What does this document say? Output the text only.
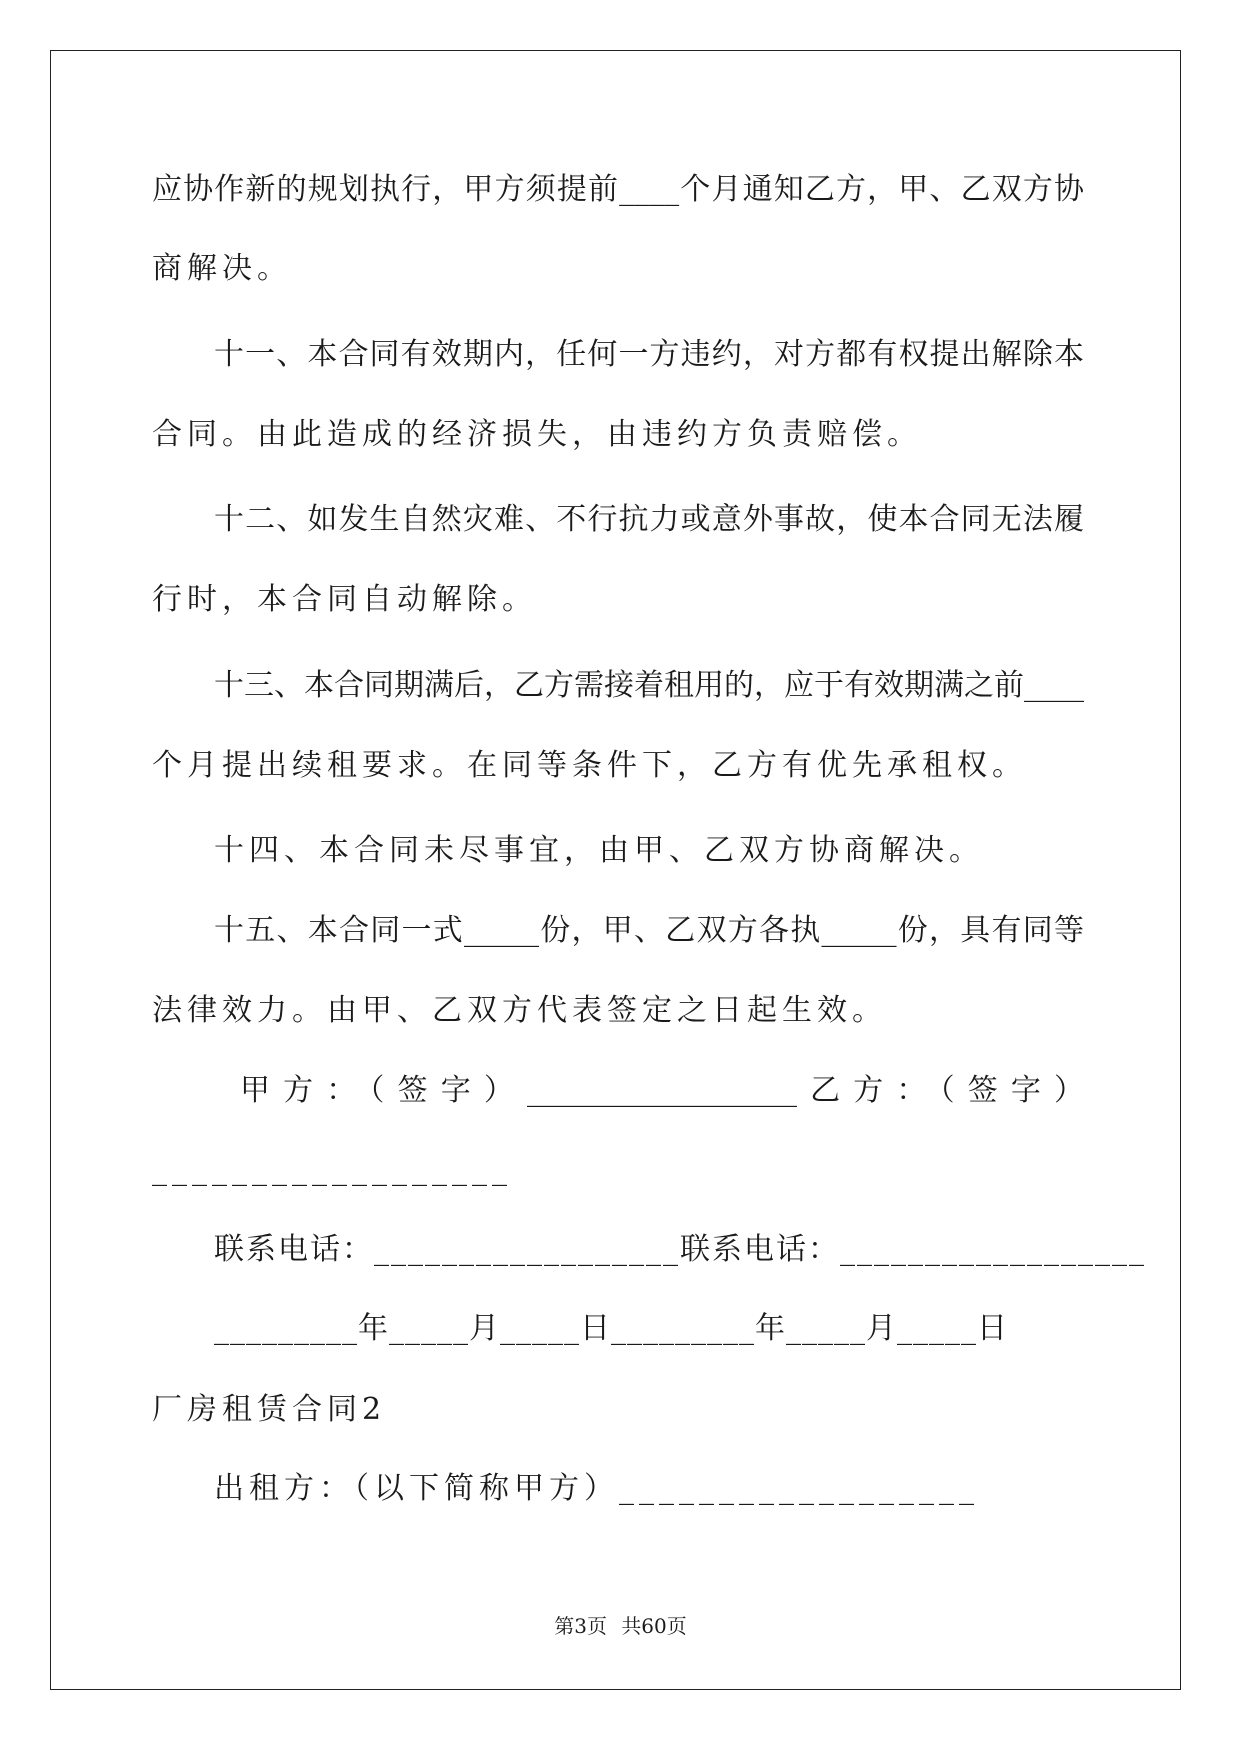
应协作新的规划执行，甲方须提前____个月通知乙方，甲、乙双方协
商解决。
十一、本合同有效期内，任何一方违约，对方都有权提出解除本
合同。由此造成的经济损失，由违约方负责赔偿。
十二、如发生自然灾难、不行抗力或意外事故，使本合同无法履
行时，本合同自动解除。
十三、本合同期满后，乙方需接着租用的，应于有效期满之前____
个月提出续租要求。在同等条件下，乙方有优先承租权。
十四、本合同未尽事宜，由甲、乙双方协商解决。
十五、本合同一式_____份，甲、乙双方各执_____份，具有同等
法律效力。由甲、乙双方代表签定之日起生效。
甲方：（签字）__________________乙方：（签字）
__________________
联系电话：__________________联系电话：__________________
_________年_____月_____日_________年_____月_____日
厂房租赁合同2
出租方：（以下简称甲方）__________________
第3页 共60页
